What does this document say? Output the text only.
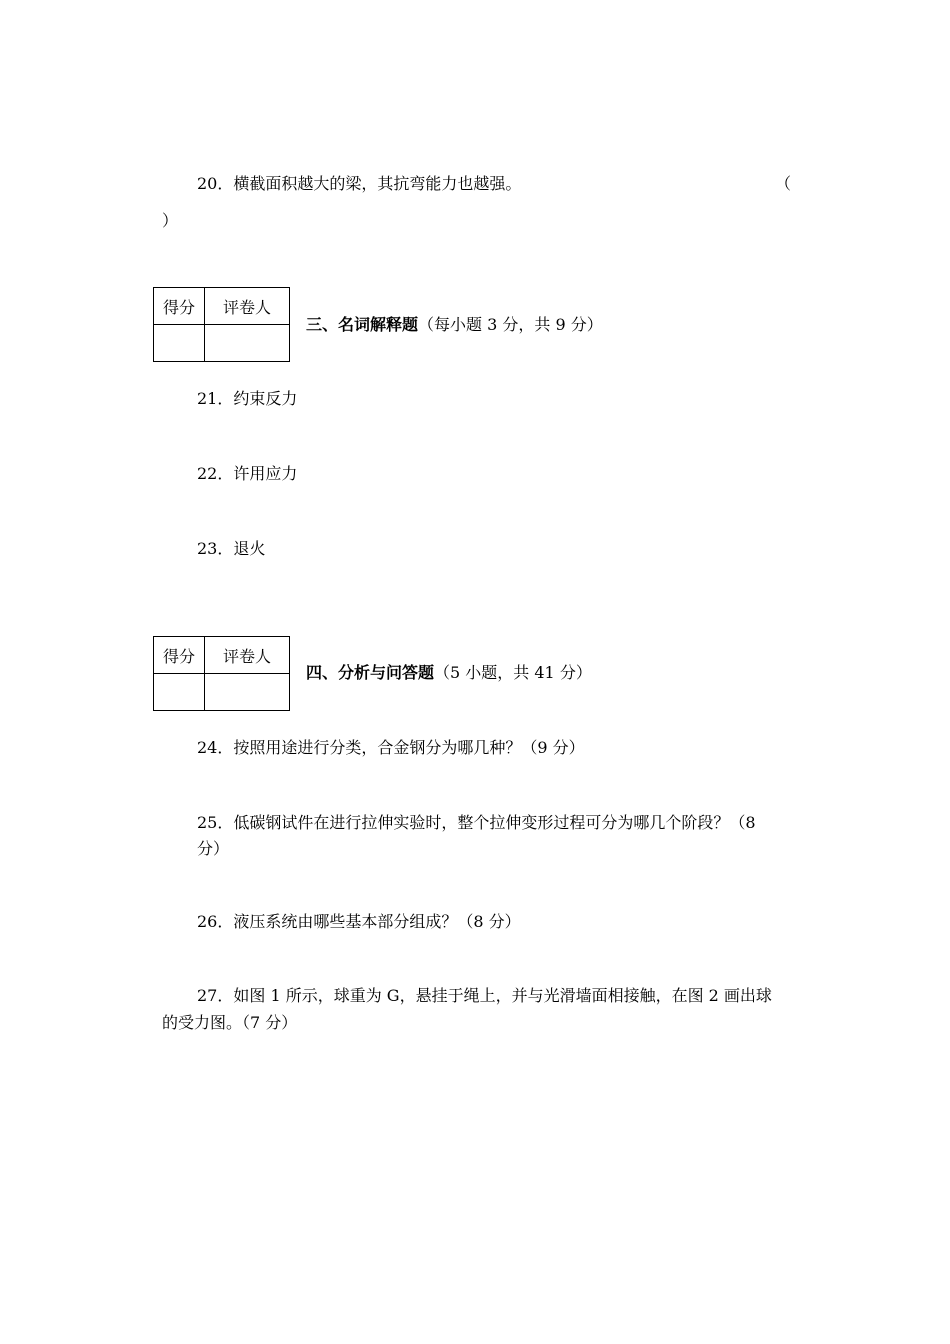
20．横截面积越大的梁，其抗弯能力也越强。	（
）
得分	评卷人

三、名词解释题（每小题 3 分，共 9 分）
21．约束反力
22．许用应力
23．退火
得分	评卷人

四、分析与问答题（5 小题，共 41 分）
24．按照用途进行分类，合金钢分为哪几种？（9 分）
25．低碳钢试件在进行拉伸实验时，整个拉伸变形过程可分为哪几个阶段？（8
分）
26．液压系统由哪些基本部分组成？（8 分）
27．如图 1 所示，球重为 G，悬挂于绳上，并与光滑墙面相接触，在图 2 画出球
的受力图。（7 分）
